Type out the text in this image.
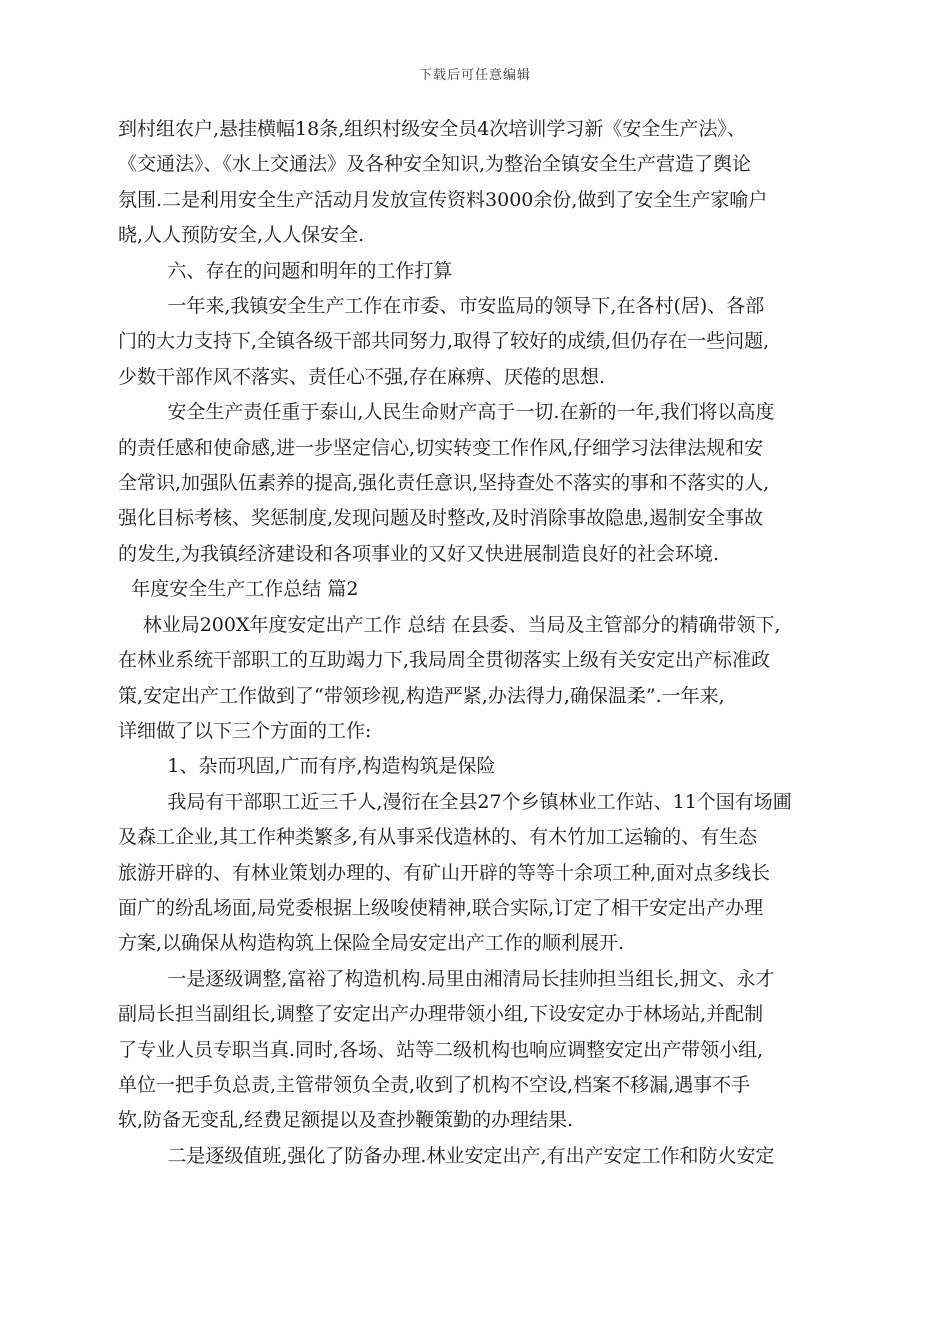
下载后可任意编辑

到村组农户,悬挂横幅18条,组织村级安全员4次培训学习新《安全生产法》、
《交通法》、《水上交通法》及各种安全知识,为整治全镇安全生产营造了舆论
氛围.二是利用安全生产活动月发放宣传资料3000余份,做到了安全生产家喻户
晓,人人预防安全,人人保安全.

六、存在的问题和明年的工作打算

一年来,我镇安全生产工作在市委、市安监局的领导下,在各村(居)、各部
门的大力支持下,全镇各级干部共同努力,取得了较好的成绩,但仍存在一些问题,
少数干部作风不落实、责任心不强,存在麻痹、厌倦的思想.

安全生产责任重于泰山,人民生命财产高于一切.在新的一年,我们将以高度
的责任感和使命感,进一步坚定信心,切实转变工作作风,仔细学习法律法规和安
全常识,加强队伍素养的提高,强化责任意识,坚持查处不落实的事和不落实的人,
强化目标考核、奖惩制度,发现问题及时整改,及时消除事故隐患,遏制安全事故
的发生,为我镇经济建设和各项事业的又好又快进展制造良好的社会环境.

年度安全生产工作总结 篇2

林业局200X年度安定出产工作 总结 在县委、当局及主管部分的精确带领下,
在林业系统干部职工的互助竭力下,我局周全贯彻落实上级有关安定出产标准政
策,安定出产工作做到了“带领珍视,构造严紧,办法得力,确保温柔”.一年来,
详细做了以下三个方面的工作:

1、杂而巩固,广而有序,构造构筑是保险

我局有干部职工近三千人,漫衍在全县27个乡镇林业工作站、11个国有场圃
及森工企业,其工作种类繁多,有从事采伐造林的、有木竹加工运输的、有生态
旅游开辟的、有林业策划办理的、有矿山开辟的等等十余项工种,面对点多线长
面广的纷乱场面,局党委根据上级唆使精神,联合实际,订定了相干安定出产办理
方案,以确保从构造构筑上保险全局安定出产工作的顺利展开.

一是逐级调整,富裕了构造机构.局里由湘清局长挂帅担当组长,拥文、永才
副局长担当副组长,调整了安定出产办理带领小组,下设安定办于林场站,并配制
了专业人员专职当真.同时,各场、站等二级机构也响应调整安定出产带领小组,
单位一把手负总责,主管带领负全责,收到了机构不空设,档案不移漏,遇事不手
软,防备无变乱,经费足额提以及查抄鞭策勤的办理结果.

二是逐级值班,强化了防备办理.林业安定出产,有出产安定工作和防火安定
